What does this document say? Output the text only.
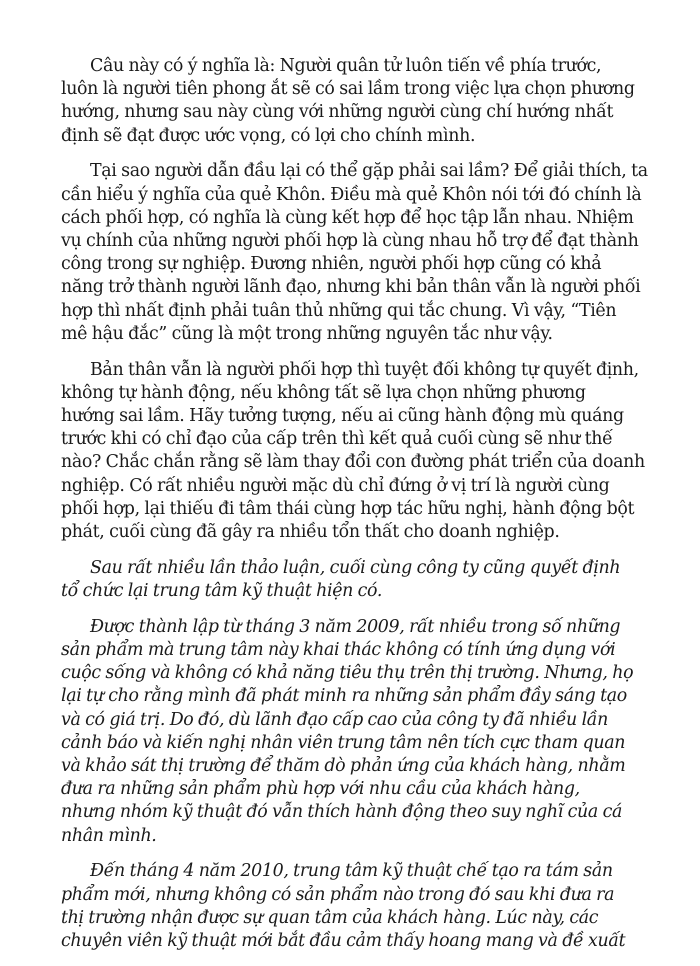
Câu này có ý nghĩa là: Người quân tử luôn tiến về phía trước,
luôn là người tiên phong ắt sẽ có sai lầm trong việc lựa chọn phương
hướng, nhưng sau này cùng với những người cùng chí hướng nhất
định sẽ đạt được ước vọng, có lợi cho chính mình.

Tại sao người dẫn đầu lại có thể gặp phải sai lầm? Để giải thích, ta
cần hiểu ý nghĩa của quẻ Khôn. Điều mà quẻ Khôn nói tới đó chính là
cách phối hợp, có nghĩa là cùng kết hợp để học tập lẫn nhau. Nhiệm
vụ chính của những người phối hợp là cùng nhau hỗ trợ để đạt thành
công trong sự nghiệp. Đương nhiên, người phối hợp cũng có khả
năng trở thành người lãnh đạo, nhưng khi bản thân vẫn là người phối
hợp thì nhất định phải tuân thủ những qui tắc chung. Vì vậy, “Tiên
mê hậu đắc” cũng là một trong những nguyên tắc như vậy.

Bản thân vẫn là người phối hợp thì tuyệt đối không tự quyết định,
không tự hành động, nếu không tất sẽ lựa chọn những phương
hướng sai lầm. Hãy tưởng tượng, nếu ai cũng hành động mù quáng
trước khi có chỉ đạo của cấp trên thì kết quả cuối cùng sẽ như thế
nào? Chắc chắn rằng sẽ làm thay đổi con đường phát triển của doanh
nghiệp. Có rất nhiều người mặc dù chỉ đứng ở vị trí là người cùng
phối hợp, lại thiếu đi tâm thái cùng hợp tác hữu nghị, hành động bột
phát, cuối cùng đã gây ra nhiều tổn thất cho doanh nghiệp.

Sau rất nhiều lần thảo luận, cuối cùng công ty cũng quyết định
tổ chức lại trung tâm kỹ thuật hiện có.

Được thành lập từ tháng 3 năm 2009, rất nhiều trong số những
sản phẩm mà trung tâm này khai thác không có tính ứng dụng với
cuộc sống và không có khả năng tiêu thụ trên thị trường. Nhưng, họ
lại tự cho rằng mình đã phát minh ra những sản phẩm đầy sáng tạo
và có giá trị. Do đó, dù lãnh đạo cấp cao của công ty đã nhiều lần
cảnh báo và kiến nghị nhân viên trung tâm nên tích cực tham quan
và khảo sát thị trường để thăm dò phản ứng của khách hàng, nhằm
đưa ra những sản phẩm phù hợp với nhu cầu của khách hàng,
nhưng nhóm kỹ thuật đó vẫn thích hành động theo suy nghĩ của cá
nhân mình.

Đến tháng 4 năm 2010, trung tâm kỹ thuật chế tạo ra tám sản
phẩm mới, nhưng không có sản phẩm nào trong đó sau khi đưa ra
thị trường nhận được sự quan tâm của khách hàng. Lúc này, các
chuyên viên kỹ thuật mới bắt đầu cảm thấy hoang mang và đề xuất
